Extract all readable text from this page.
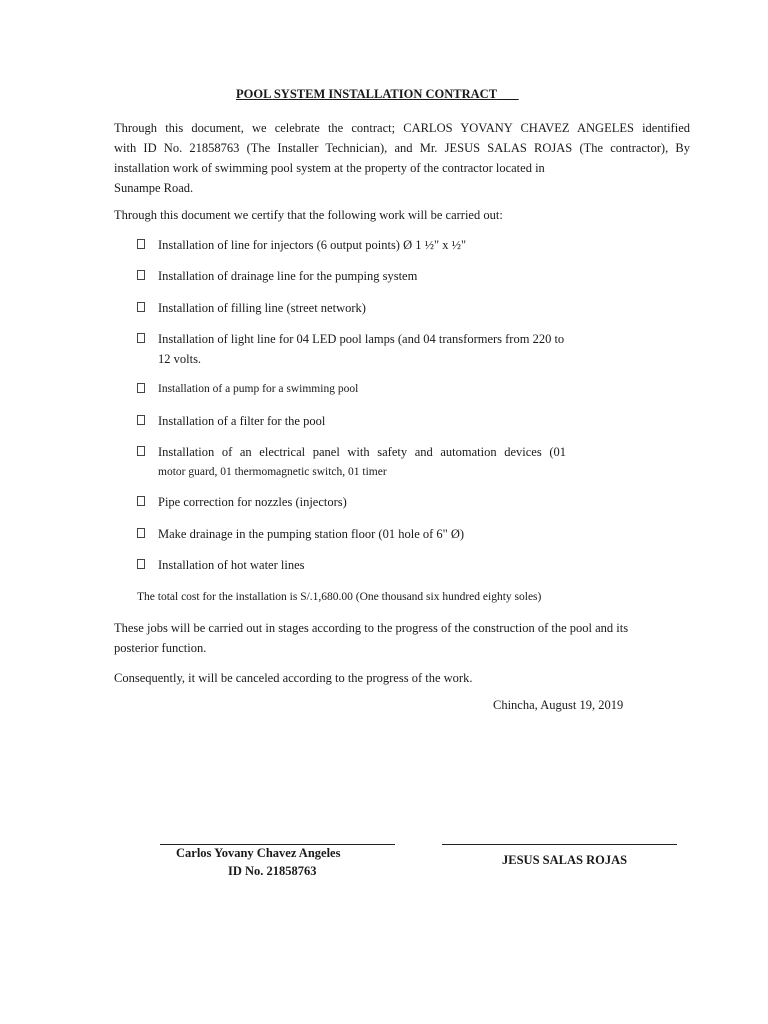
POOL SYSTEM INSTALLATION CONTRACT
Through this document, we celebrate the contract; CARLOS YOVANY CHAVEZ ANGELES identified
with ID No. 21858763 (The Installer Technician), and Mr. JESUS SALAS ROJAS (The contractor), By
installation work of swimming pool system at the property of the contractor located in
Sunampe Road.
Through this document we certify that the following work will be carried out:
Installation of line for injectors (6 output points) Ø 1 ½" x ½"
Installation of drainage line for the pumping system
Installation of filling line (street network)
Installation of light line for 04 LED pool lamps (and 04 transformers from 220 to
12 volts.
Installation of a pump for a swimming pool
Installation of a filter for the pool
Installation of an electrical panel with safety and automation devices (01
motor guard, 01 thermomagnetic switch, 01 timer
Pipe correction for nozzles (injectors)
Make drainage in the pumping station floor (01 hole of 6" Ø)
Installation of hot water lines
The total cost for the installation is S/.1,680.00 (One thousand six hundred eighty soles)
These jobs will be carried out in stages according to the progress of the construction of the pool and its
posterior function.
Consequently, it will be canceled according to the progress of the work.
Chincha, August 19, 2019
Carlos Yovany Chavez Angeles
ID No. 21858763
JESUS SALAS ROJAS
